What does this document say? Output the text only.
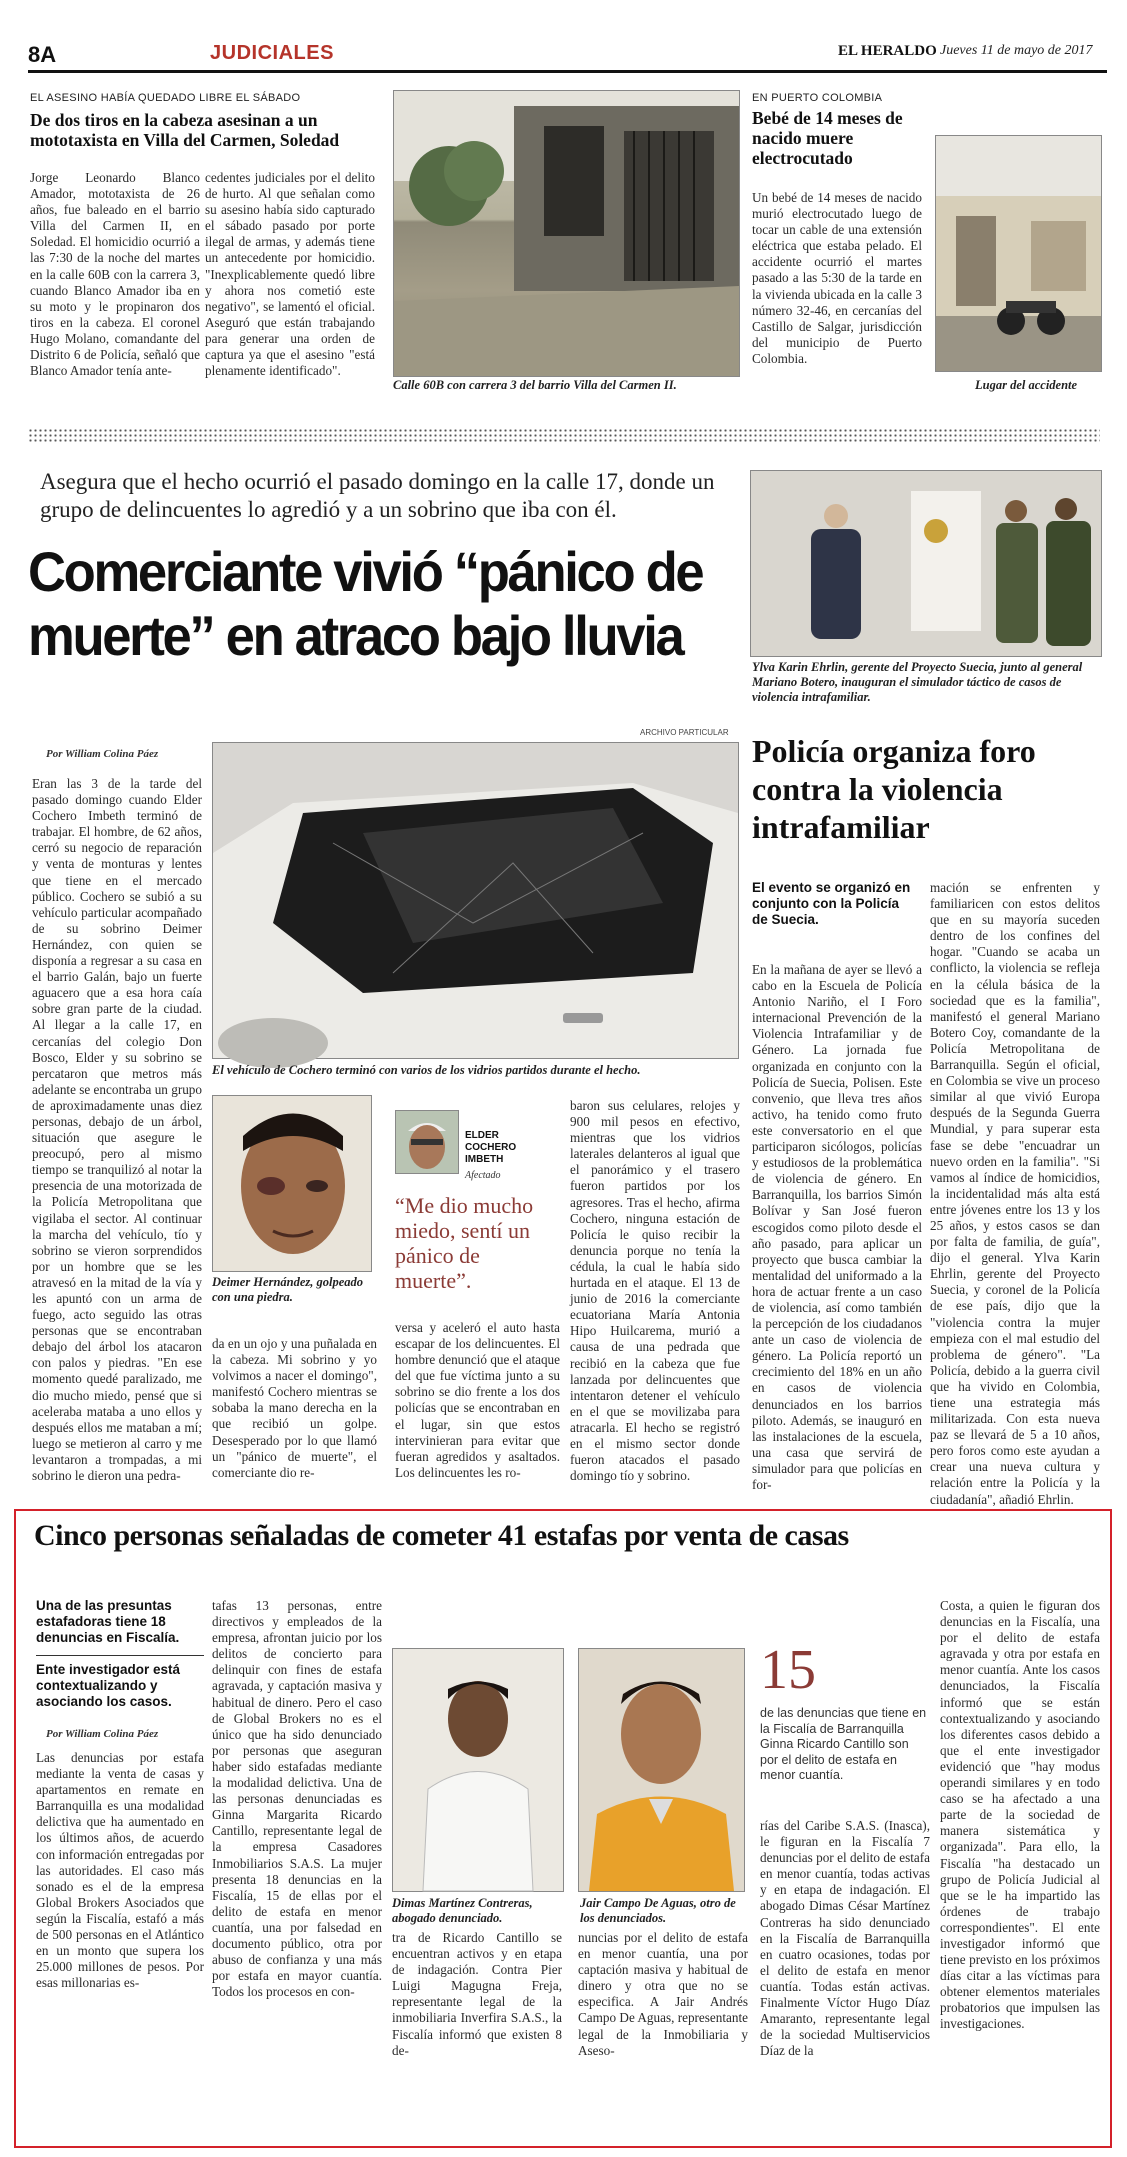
8A	JUDICIALES	EL HERALDO Jueves 11 de mayo de 2017
EL ASESINO HABÍA QUEDADO LIBRE EL SÁBADO
De dos tiros en la cabeza asesinan a un mototaxista en Villa del Carmen, Soledad
Jorge Leonardo Blanco Amador, mototaxista de 26 años, fue baleado en el barrio Villa del Carmen II, en Soledad. El homicidio ocurrió a las 7:30 de la noche del martes en la calle 60B con la carrera 3, cuando Blanco Amador iba en su moto y le propinaron dos tiros en la cabeza. El coronel Hugo Molano, comandante del Distrito 6 de Policía, señaló que Blanco Amador tenía ante-
cedentes judiciales por el delito de hurto. Al que señalan como su asesino había sido capturado el sábado pasado por porte ilegal de armas, y además tiene un antecedente por homicidio. "Inexplicablemente quedó libre y ahora nos cometió este negativo", se lamentó el oficial. Aseguró que están trabajando para generar una orden de captura ya que el asesino "está plenamente identificado".
Calle 60B con carrera 3 del barrio Villa del Carmen II.
EN PUERTO COLOMBIA
Bebé de 14 meses de nacido muere electrocutado
Un bebé de 14 meses de nacido murió electrocutado luego de tocar un cable de una extensión eléctrica que estaba pelado. El accidente ocurrió el martes pasado a las 5:30 de la tarde en la vivienda ubicada en la calle 3 número 32-46, en cercanías del Castillo de Salgar, jurisdicción del municipio de Puerto Colombia.
Lugar del accidente
Asegura que el hecho ocurrió el pasado domingo en la calle 17, donde un grupo de delincuentes lo agredió y a un sobrino que iba con él.
Comerciante vivió “pánico de muerte” en atraco bajo lluvia	Ylva Karin Ehrlin, gerente del Proyecto Suecia, junto al general Mariano Botero, inauguran el simulador táctico de casos de violencia intrafamiliar.
ARCHIVO PARTICULAR
Por William Colina Páez
El vehículo de Cochero terminó con varios de los vidrios partidos durante el hecho.
Eran las 3 de la tarde del pasado domingo cuando Elder Cochero Imbeth terminó de trabajar. El hombre, de 62 años, cerró su negocio de reparación y venta de monturas y lentes que tiene en el mercado público. Cochero se subió a su vehículo particular acompañado de su sobrino Deimer Hernández, con quien se disponía a regresar a su casa en el barrio Galán, bajo un fuerte aguacero que a esa hora caía sobre gran parte de la ciudad. Al llegar a la calle 17, en cercanías del colegio Don Bosco, Elder y su sobrino se percataron que metros más adelante se encontraba un grupo de aproximadamente unas diez personas, debajo de un árbol, situación que asegure le preocupó, pero al mismo tiempo se tranquilizó al notar la presencia de una motorizada de la Policía Metropolitana que vigilaba el sector. Al continuar la marcha del vehículo, tío y sobrino se vieron sorprendidos por un hombre que se les atravesó en la mitad de la vía y les apuntó con un arma de fuego, acto seguido las otras personas que se encontraban debajo del árbol los atacaron con palos y piedras. "En ese momento quedé paralizado, me dio mucho miedo, pensé que si aceleraba mataba a uno ellos y después ellos me mataban a mí; luego se metieron al carro y me levantaron a trompadas, a mi sobrino le dieron una pedra-
Deimer Hernández, golpeado con una piedra.
ELDER COCHERO IMBETH
Afectado
“Me dio mucho miedo, sentí un pánico de muerte”.
da en un ojo y una puñalada en la cabeza. Mi sobrino y yo volvimos a nacer el domingo", manifestó Cochero mientras se sobaba la mano derecha en la que recibió un golpe. Desesperado por lo que llamó un "pánico de muerte", el comerciante dio re-
versa y aceleró el auto hasta escapar de los delincuentes. El hombre denunció que el ataque del que fue víctima junto a su sobrino se dio frente a los dos policías que se encontraban en el lugar, sin que estos intervinieran para evitar que fueran agredidos y asaltados. Los delincuentes les ro-
baron sus celulares, relojes y 900 mil pesos en efectivo, mientras que los vidrios laterales delanteros al igual que el panorámico y el trasero fueron partidos por los agresores. Tras el hecho, afirma Cochero, ninguna estación de Policía le quiso recibir la denuncia porque no tenía la cédula, la cual le había sido hurtada en el ataque. El 13 de junio de 2016 la comerciante ecuatoriana María Antonia Hipo Huilcarema, murió a causa de una pedrada que recibió en la cabeza que fue lanzada por delincuentes que intentaron detener el vehículo en el que se movilizaba para atracarla. El hecho se registró en el mismo sector donde fueron atacados el pasado domingo tío y sobrino.
Policía organiza foro contra la violencia intrafamiliar
El evento se organizó en conjunto con la Policía de Suecia.
En la mañana de ayer se llevó a cabo en la Escuela de Policía Antonio Nariño, el I Foro internacional Prevención de la Violencia Intrafamiliar y de Género. La jornada fue organizada en conjunto con la Policía de Suecia, Polisen. Este convenio, que lleva tres años activo, ha tenido como fruto este conversatorio en el que participaron sicólogos, policías y estudiosos de la problemática de violencia de género. En Barranquilla, los barrios Simón Bolívar y San José fueron escogidos como piloto desde el año pasado, para aplicar un proyecto que busca cambiar la mentalidad del uniformado a la hora de actuar frente a un caso de violencia, así como también la percepción de los ciudadanos ante un caso de violencia de género. La Policía reportó un crecimiento del 18% en un año en casos de violencia denunciados en los barrios piloto. Además, se inauguró en las instalaciones de la escuela, una casa que servirá de simulador para que policías en for-
mación se enfrenten y familiaricen con estos delitos que en su mayoría suceden dentro de los confines del hogar. "Cuando se acaba un conflicto, la violencia se refleja en la célula básica de la sociedad que es la familia", manifestó el general Mariano Botero Coy, comandante de la Policía Metropolitana de Barranquilla. Según el oficial, en Colombia se vive un proceso similar al que vivió Europa después de la Segunda Guerra Mundial, y para superar esta fase se debe "encuadrar un nuevo orden en la familia". "Si vamos al índice de homicidios, la incidentalidad más alta está entre jóvenes entre los 13 y los 25 años, y estos casos se dan por falta de familia, de guía", dijo el general. Ylva Karin Ehrlin, gerente del Proyecto Suecia, y coronel de la Policía de ese país, dijo que la "violencia contra la mujer empieza con el mal estudio del problema de género". "La Policía, debido a la guerra civil que ha vivido en Colombia, tiene una estrategia más militarizada. Con esta nueva paz se llevará de 5 a 10 años, pero foros como este ayudan a crear una nueva cultura y relación entre la Policía y la ciudadanía", añadió Ehrlin.
Cinco personas señaladas de cometer 41 estafas por venta de casas
Una de las presuntas estafadoras tiene 18 denuncias en Fiscalía.
Ente investigador está contextualizando y asociando los casos.
Por William Colina Páez
Las denuncias por estafa mediante la venta de casas y apartamentos en remate en Barranquilla es una modalidad delictiva que ha aumentado en los últimos años, de acuerdo con información entregadas por las autoridades. El caso más sonado es el de la empresa Global Brokers Asociados que según la Fiscalía, estafó a más de 500 personas en el Atlántico en un monto que supera los 25.000 millones de pesos. Por esas millonarias es-
tafas 13 personas, entre directivos y empleados de la empresa, afrontan juicio por los delitos de concierto para delinquir con fines de estafa agravada, y captación masiva y habitual de dinero. Pero el caso de Global Brokers no es el único que ha sido denunciado por personas que aseguran haber sido estafadas mediante la modalidad delictiva. Una de las personas denunciadas es Ginna Margarita Ricardo Cantillo, representante legal de la empresa Casadores Inmobiliarios S.A.S. La mujer presenta 18 denuncias en la Fiscalía, 15 de ellas por el delito de estafa en menor cuantía, una por falsedad en documento público, otra por abuso de confianza y una más por estafa en mayor cuantía. Todos los procesos en con-
Dimas Martínez Contreras, abogado denunciado.
Jair Campo De Aguas, otro de los denunciados.
15
de las denuncias que tiene en la Fiscalía de Barranquilla Ginna Ricardo Cantillo son por el delito de estafa en menor cuantía.
tra de Ricardo Cantillo se encuentran activos y en etapa de indagación. Contra Pier Luigi Magugna Freja, representante legal de la inmobiliaria Inverfira S.A.S., la Fiscalía informó que existen 8 de-
nuncias por el delito de estafa en menor cuantía, una por captación masiva y habitual de dinero y otra que no se especifica. A Jair Andrés Campo De Aguas, representante legal de la Inmobiliaria y Aseso-
rías del Caribe S.A.S. (Inasca), le figuran en la Fiscalía 7 denuncias por el delito de estafa en menor cuantía, todas activas y en etapa de indagación. El abogado Dimas César Martínez Contreras ha sido denunciado en la Fiscalía de Barranquilla en cuatro ocasiones, todas por el delito de estafa en menor cuantía. Todas están activas. Finalmente Víctor Hugo Díaz Amaranto, representante legal de la sociedad Multiservicios Díaz de la
Costa, a quien le figuran dos denuncias en la Fiscalía, una por el delito de estafa agravada y otra por estafa en menor cuantía. Ante los casos denunciados, la Fiscalía informó que se están contextualizando y asociando los diferentes casos debido a que el ente investigador evidenció que "hay modus operandi similares y en todo caso se ha afectado a una parte de la sociedad de manera sistemática y organizada". Para ello, la Fiscalía "ha destacado un grupo de Policía Judicial al que se le ha impartido las órdenes de trabajo correspondientes". El ente investigador informó que tiene previsto en los próximos días citar a las víctimas para obtener elementos materiales probatorios que impulsen las investigaciones.
